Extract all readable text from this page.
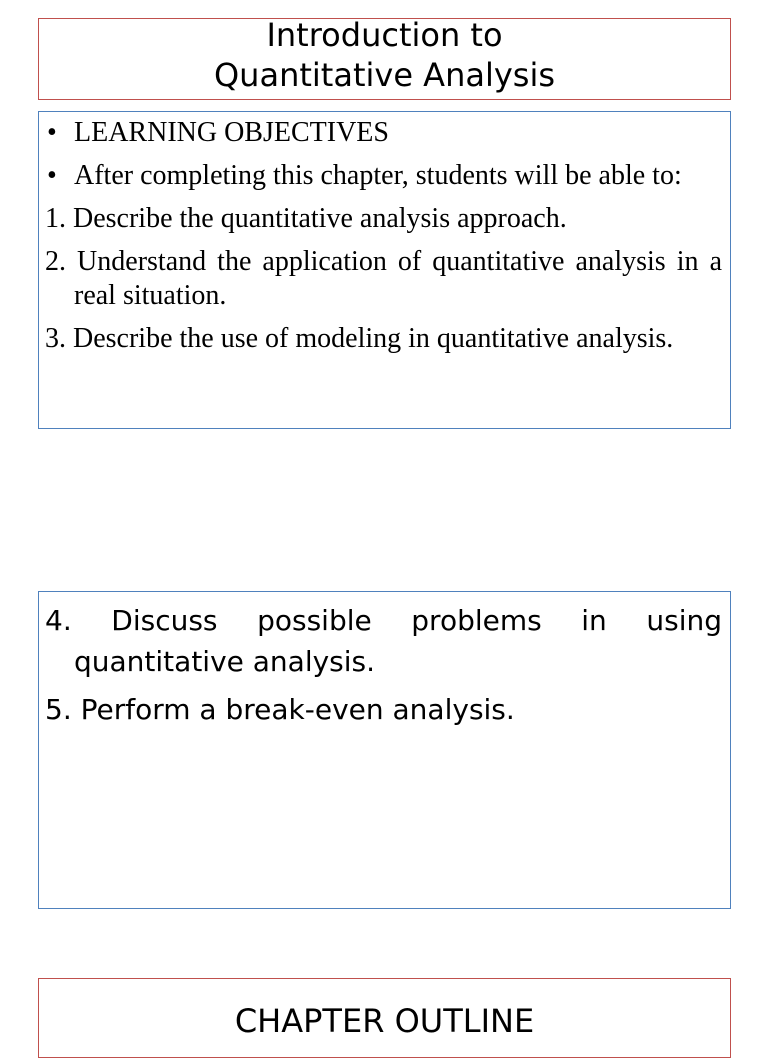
Introduction to
Quantitative Analysis
• LEARNING OBJECTIVES
• After completing this chapter, students will be able to:
1. Describe the quantitative analysis approach.
2. Understand the application of quantitative analysis in a real situation.
3. Describe the use of modeling in quantitative analysis.
4. Discuss possible problems in using quantitative analysis.
5. Perform a break-even analysis.
CHAPTER OUTLINE
